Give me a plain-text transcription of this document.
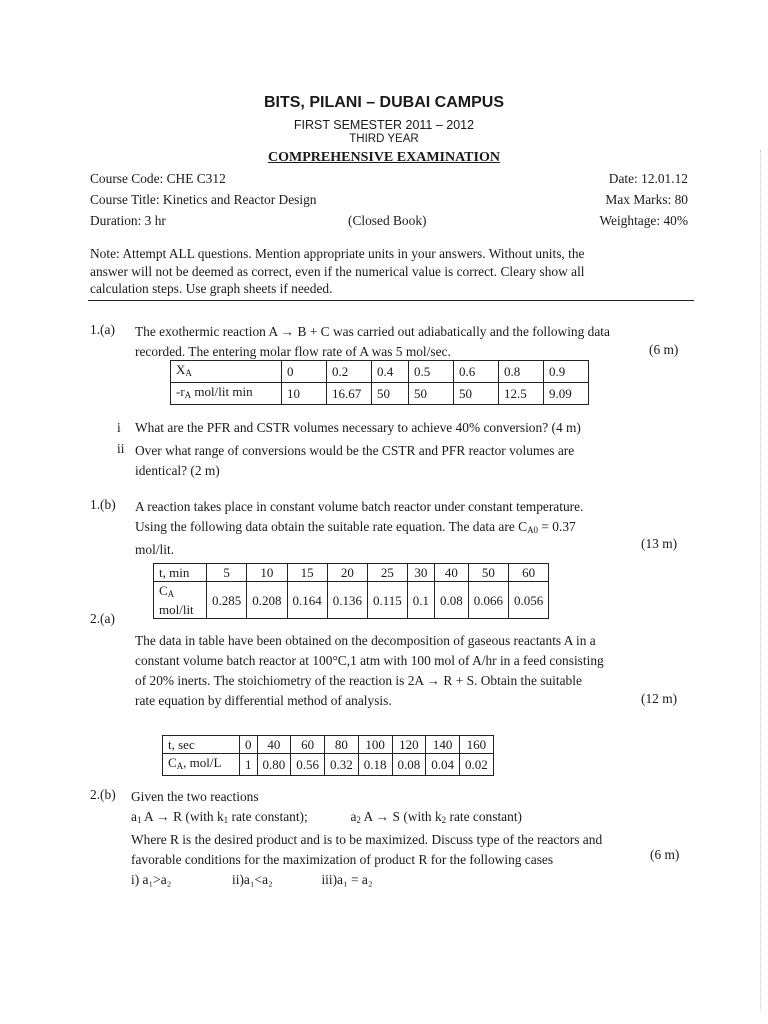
BITS, PILANI – DUBAI CAMPUS
FIRST SEMESTER 2011 – 2012
THIRD YEAR
COMPREHENSIVE EXAMINATION
Course Code: CHE C312
Course Title: Kinetics and Reactor Design
Duration: 3 hr	(Closed Book)
Date: 12.01.12
Max Marks: 80
Weightage: 40%
Note: Attempt ALL questions. Mention appropriate units in your answers. Without units, the
answer will not be deemed as correct, even if the numerical value is correct. Cleary show all
calculation steps. Use graph sheets if needed.
1.(a) The exothermic reaction A → B + C was carried out adiabatically and the following data
recorded. The entering molar flow rate of A was 5 mol/sec.	(6 m)
$X_A$	0	0.2	0.4	0.5	0.6	0.8	0.9
$-r_A$ mol/lit min	10	16.67	50	50	50	12.5	9.09
i What are the PFR and CSTR volumes necessary to achieve 40% conversion? (4 m)
ii Over what range of conversions would be the CSTR and PFR reactor volumes are
identical? (2 m)
1.(b) A reaction takes place in constant volume batch reactor under constant temperature.
Using the following data obtain the suitable rate equation. The data are $C_{A0} = 0.37$
mol/lit.	(13 m)
t, min	5	10	15	20	25	30	40	50	60
$C_A$
mol/lit	0.285	0.208	0.164	0.136	0.115	0.1	0.08	0.066	0.056
2.(a)
The data in table have been obtained on the decomposition of gaseous reactants A in a
constant volume batch reactor at 100°C,1 atm with 100 mol of A/hr in a feed consisting
of 20% inerts. The stoichiometry of the reaction is 2A → R + S. Obtain the suitable
rate equation by differential method of analysis.	(12 m)
t, sec	0	40	60	80	100	120	140	160
$C_A$, mol/L	1	0.80	0.56	0.32	0.18	0.08	0.04	0.02
2.(b) Given the two reactions
$a_1$ A → R (with $k_1$ rate constant);	$a_2$ A → S (with $k_2$ rate constant)
Where R is the desired product and is to be maximized. Discuss type of the reactors and
favorable conditions for the maximization of product R for the following cases
i) a₁>a₂	ii)a₁<a₂	iii)a₁ = a₂
(6 m)
